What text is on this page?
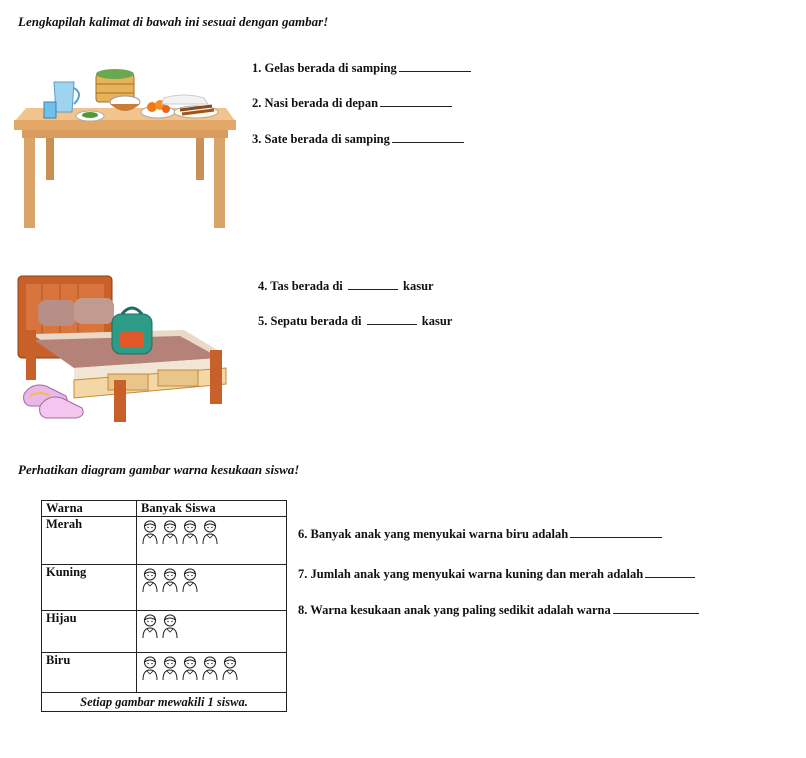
Lengkapilah kalimat di bawah ini sesuai dengan gambar!
1. Gelas berada di samping
2. Nasi berada di depan
3. Sate berada di samping
4. Tas berada di	kasur
5. Sepatu berada di	kasur
Perhatikan diagram gambar warna kesukaan siswa!
Warna	Banyak Siswa
Merah	

Kuning	

Hijau	

Biru	

Setiap gambar mewakili 1 siswa.	
6. Banyak anak yang menyukai warna biru adalah
7. Jumlah anak yang menyukai warna kuning dan merah adalah
8. Warna kesukaan anak yang paling sedikit adalah warna
